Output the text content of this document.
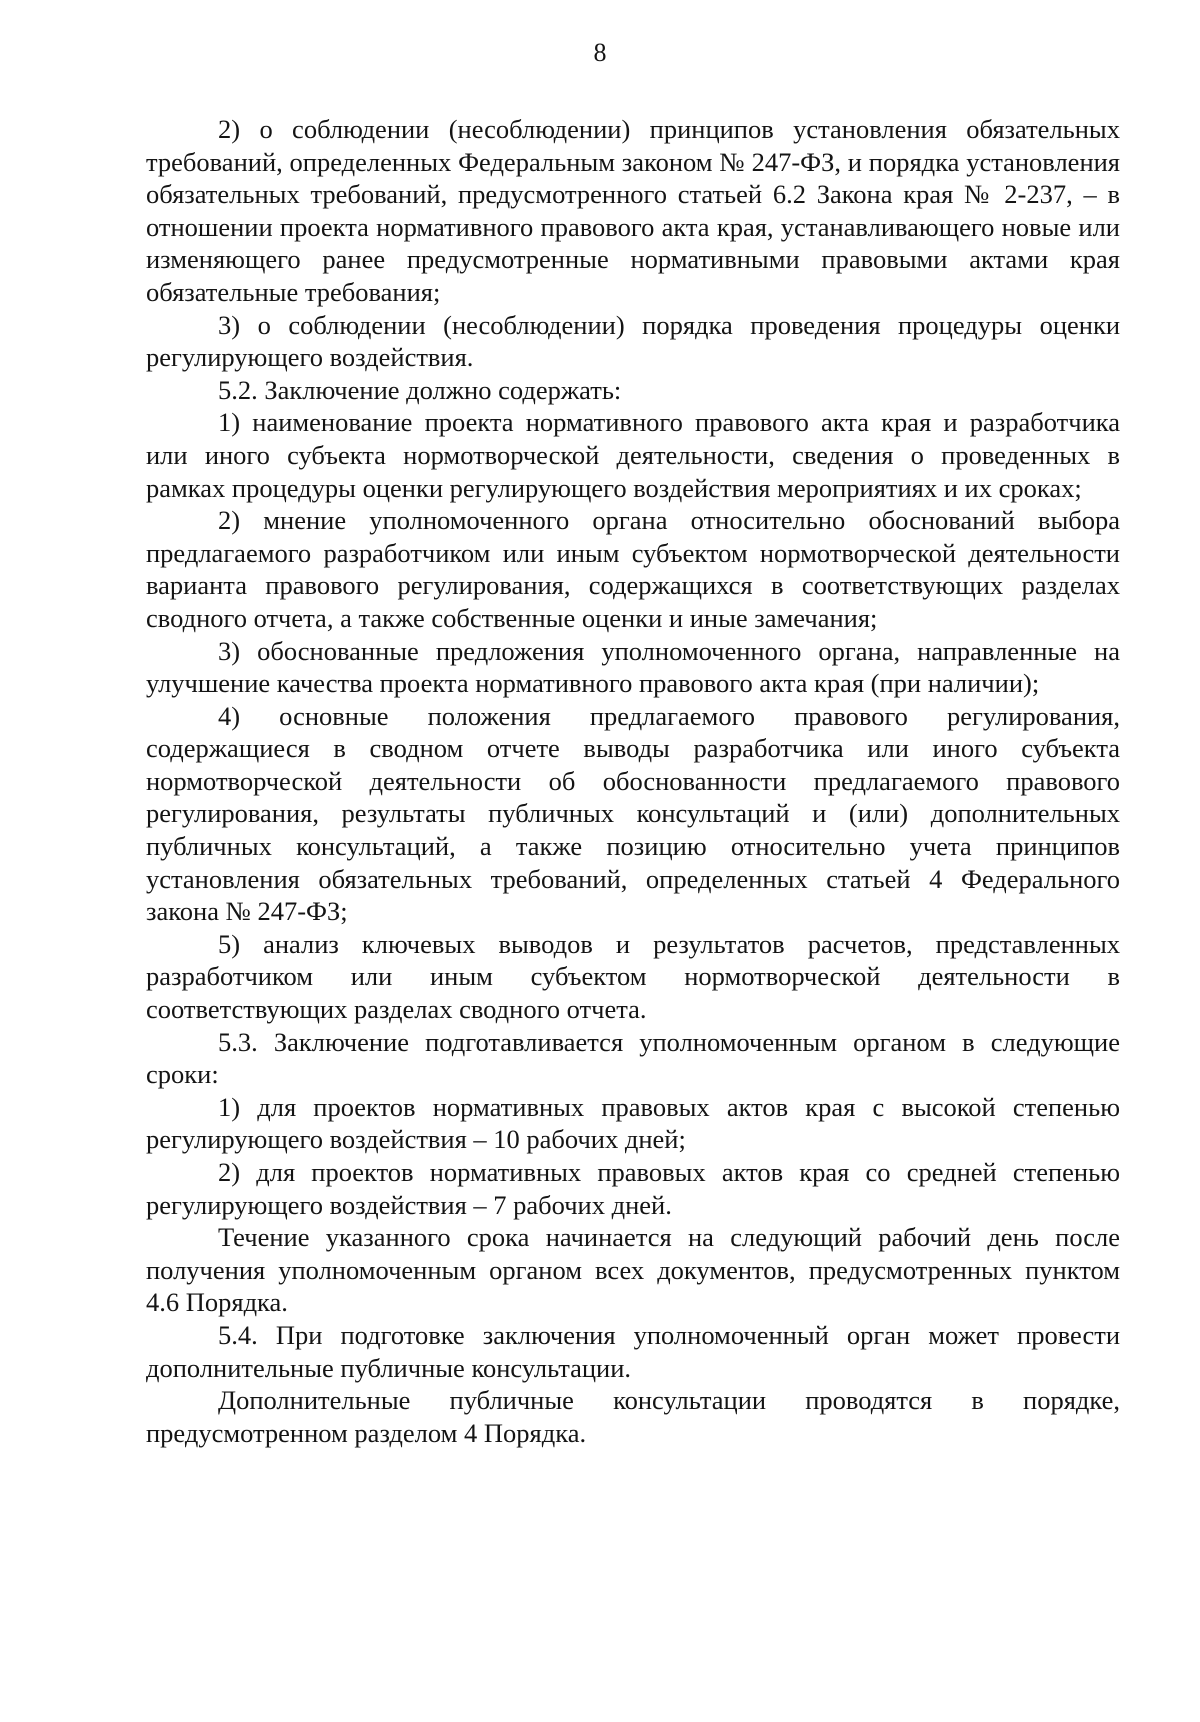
8

2) о соблюдении (несоблюдении) принципов установления обязательных требований, определенных Федеральным законом № 247-ФЗ, и порядка установления обязательных требований, предусмотренного статьей 6.2 Закона края № 2-237, – в отношении проекта нормативного правового акта края, устанавливающего новые или изменяющего ранее предусмотренные нормативными правовыми актами края обязательные требования;

3) о соблюдении (несоблюдении) порядка проведения процедуры оценки регулирующего воздействия.

5.2. Заключение должно содержать:

1) наименование проекта нормативного правового акта края и разработчика или иного субъекта нормотворческой деятельности, сведения о проведенных в рамках процедуры оценки регулирующего воздействия мероприятиях и их сроках;

2) мнение уполномоченного органа относительно обоснований выбора предлагаемого разработчиком или иным субъектом нормотворческой деятельности варианта правового регулирования, содержащихся в соответствующих разделах сводного отчета, а также собственные оценки и иные замечания;

3) обоснованные предложения уполномоченного органа, направленные на улучшение качества проекта нормативного правового акта края (при наличии);

4) основные положения предлагаемого правового регулирования, содержащиеся в сводном отчете выводы разработчика или иного субъекта нормотворческой деятельности об обоснованности предлагаемого правового регулирования, результаты публичных консультаций и (или) дополнительных публичных консультаций, а также позицию относительно учета принципов установления обязательных требований, определенных статьей 4 Федерального закона № 247-ФЗ;

5) анализ ключевых выводов и результатов расчетов, представленных разработчиком или иным субъектом нормотворческой деятельности в соответствующих разделах сводного отчета.

5.3. Заключение подготавливается уполномоченным органом в следующие сроки:

1) для проектов нормативных правовых актов края с высокой степенью регулирующего воздействия – 10 рабочих дней;

2) для проектов нормативных правовых актов края со средней степенью регулирующего воздействия – 7 рабочих дней.

Течение указанного срока начинается на следующий рабочий день после получения уполномоченным органом всех документов, предусмотренных пунктом 4.6 Порядка.

5.4. При подготовке заключения уполномоченный орган может провести дополнительные публичные консультации.

Дополнительные публичные консультации проводятся в порядке, предусмотренном разделом 4 Порядка.
